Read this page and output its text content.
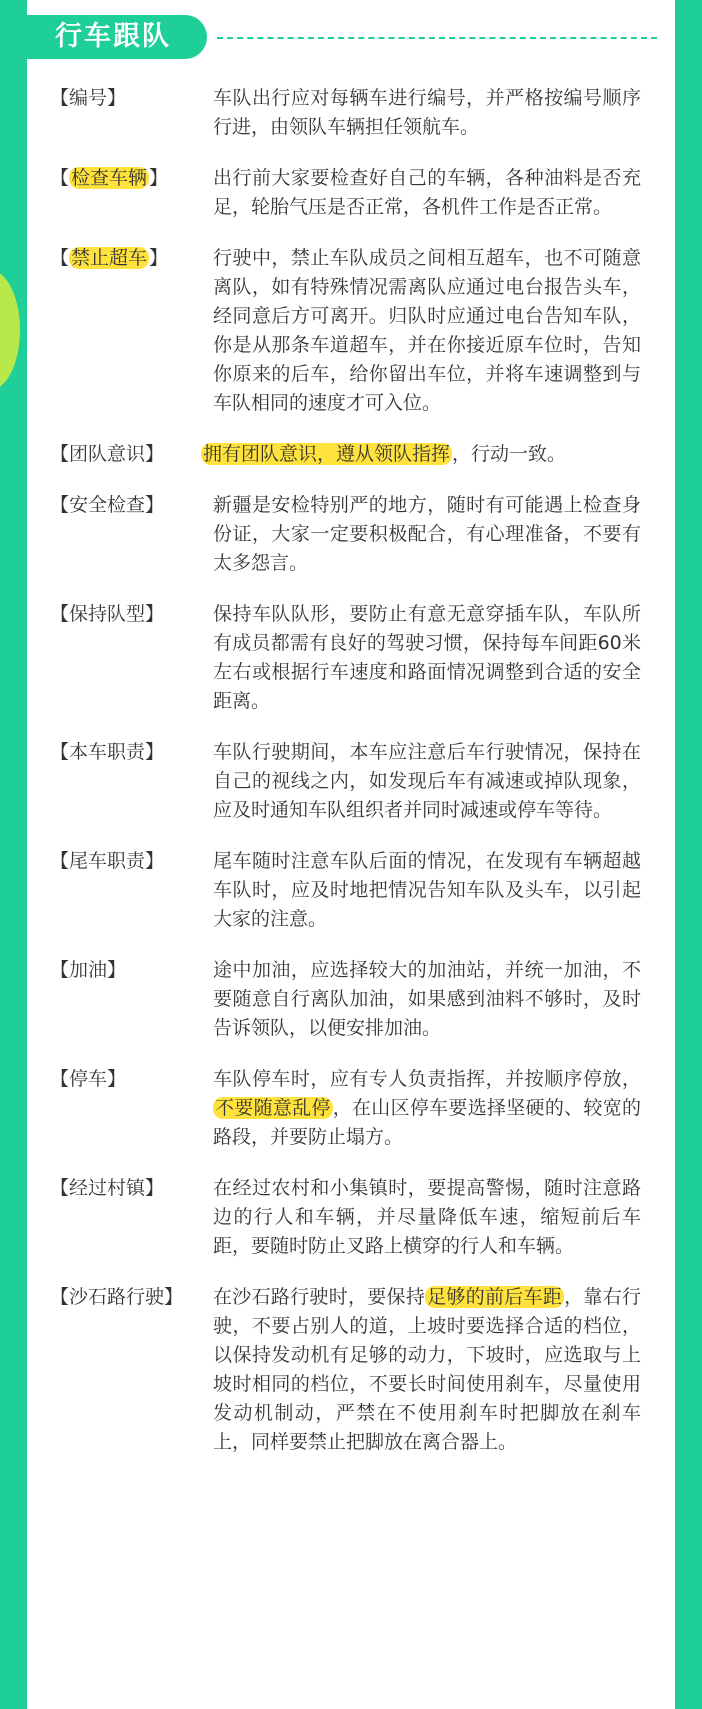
行车跟队
【编号】	车队出行应对每辆车进行编号，并严格按编号顺序行进，由领队车辆担任领航车。
【 检查车辆 】	出行前大家要检查好自己的车辆，各种油料是否充足，轮胎气压是否正常，各机件工作是否正常。
【 禁止超车 】	行驶中，禁止车队成员之间相互超车，也不可随意离队，如有特殊情况需离队应通过电台报告头车，经同意后方可离开。归队时应通过电台告知车队，你是从那条车道超车，并在你接近原车位时，告知你原来的后车，给你留出车位，并将车速调整到与车队相同的速度才可入位。
【团队意识】	拥有团队意识，遵从领队指挥 ，行动一致。
【安全检查】	新疆是安检特别严的地方，随时有可能遇上检查身份证，大家一定要积极配合，有心理准备，不要有太多怨言。
【保持队型】	保持车队队形，要防止有意无意穿插车队，车队所有成员都需有良好的驾驶习惯，保持每车间距60米左右或根据行车速度和路面情况调整到合适的安全距离。
【本车职责】	车队行驶期间，本车应注意后车行驶情况，保持在自己的视线之内，如发现后车有减速或掉队现象，应及时通知车队组织者并同时减速或停车等待。
【尾车职责】	尾车随时注意车队后面的情况，在发现有车辆超越车队时，应及时地把情况告知车队及头车，以引起大家的注意。
【加油】	途中加油，应选择较大的加油站，并统一加油，不要随意自行离队加油，如果感到油料不够时，及时告诉领队，以便安排加油。
【停车】	车队停车时，应有专人负责指挥，并按顺序停放，不要随意乱停 ，在山区停车要选择坚硬的、较宽的路段，并要防止塌方。
【经过村镇】	在经过农村和小集镇时，要提高警惕，随时注意路边的行人和车辆，并尽量降低车速，缩短前后车距，要随时防止叉路上横穿的行人和车辆。
【沙石路行驶】	在沙石路行驶时，要保持 足够的前后车距 ，靠右行驶，不要占别人的道，上坡时要选择合适的档位，以保持发动机有足够的动力，下坡时，应选取与上坡时相同的档位，不要长时间使用刹车，尽量使用发动机制动，严禁在不使用刹车时把脚放在刹车上，同样要禁止把脚放在离合器上。
